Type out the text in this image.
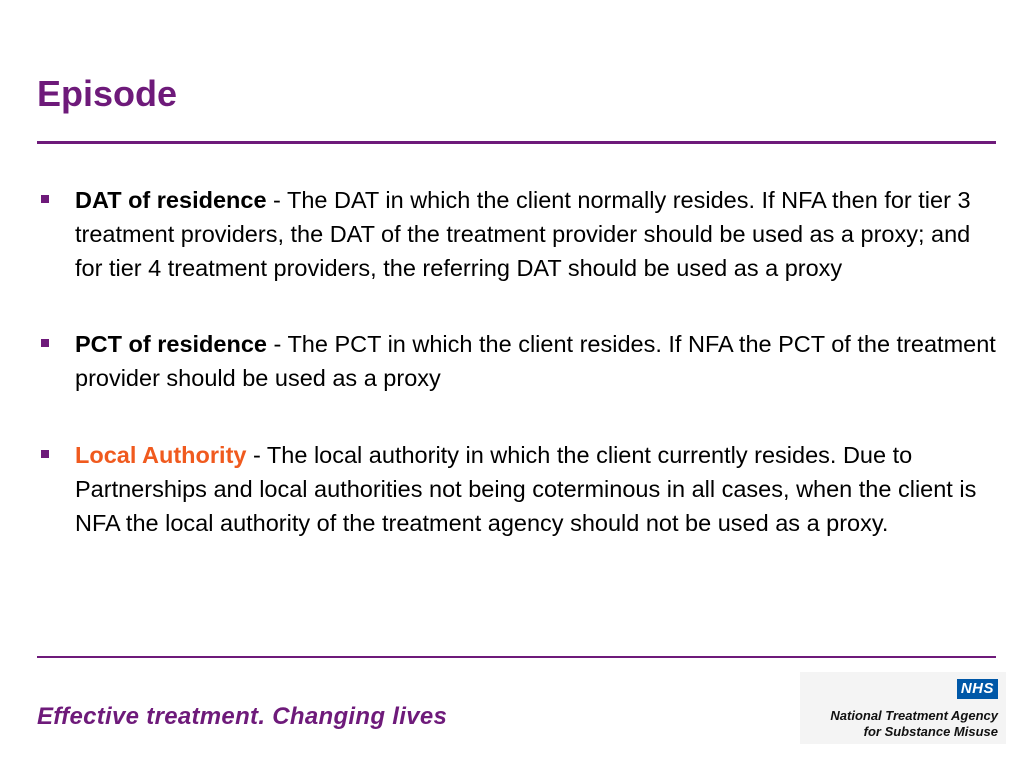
Episode
DAT of residence - The DAT in which the client normally resides. If NFA then for tier 3 treatment providers, the DAT of the treatment provider should be used as a proxy; and for tier 4 treatment providers, the referring DAT should be used as a proxy
PCT of residence - The PCT in which the client resides. If NFA the PCT of the treatment provider should be used as a proxy
Local Authority - The local authority in which the client currently resides. Due to Partnerships and local authorities not being coterminous in all cases, when the client is NFA the local authority of the treatment agency should not be used as a proxy.
Effective treatment. Changing lives
NHS
National Treatment Agency
for Substance Misuse
